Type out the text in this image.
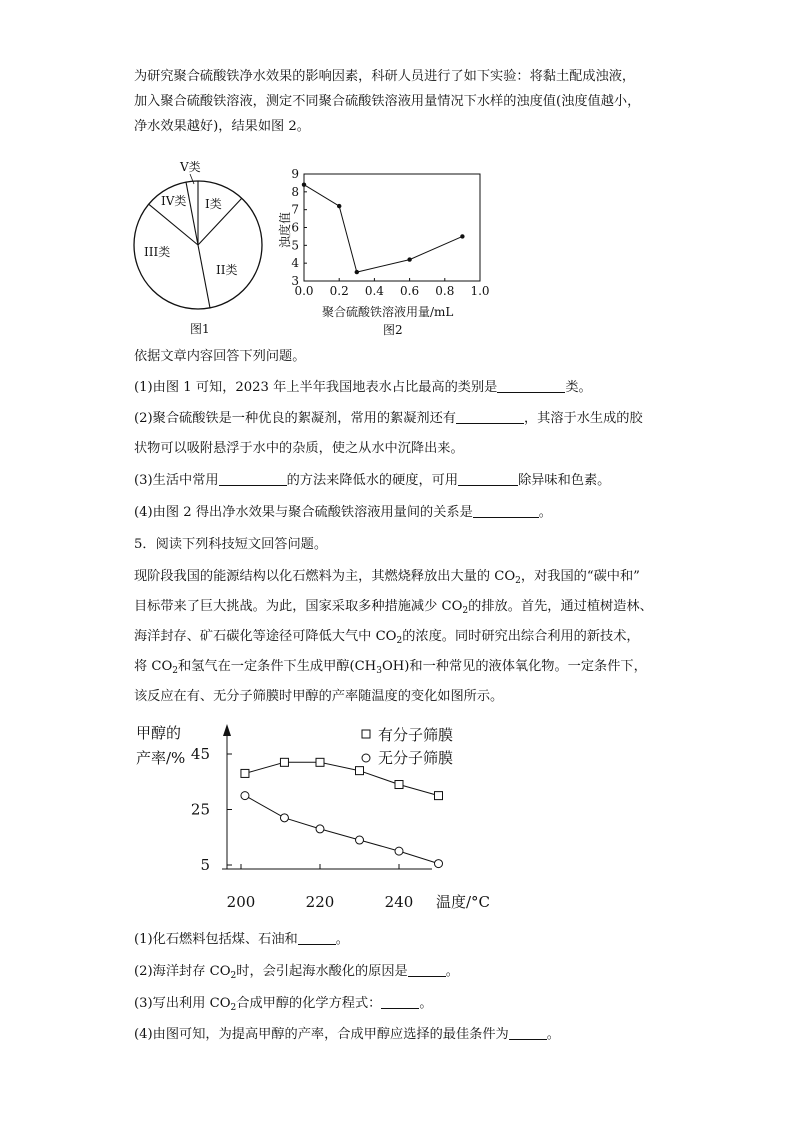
为研究聚合硫酸铁净水效果的影响因素，科研人员进行了如下实验：将黏土配成浊液，
加入聚合硫酸铁溶液，测定不同聚合硫酸铁溶液用量情况下水样的浊度值(浊度值越小，
净水效果越好)，结果如图 2。

V类
IV类 I类
III类
II类
图1
0.0 0.2 0.4 0.6 0.8 1.0
3
4
5
6
7
8
9
浊度值
聚合硫酸铁溶液用量/mL
图2

依据文章内容回答下列问题。

(1)由图 1 可知，2023 年上半年我国地表水占比最高的类别是	类。

(2)聚合硫酸铁是一种优良的絮凝剂，常用的絮凝剂还有	，其溶于水生成的胶

状物可以吸附悬浮于水中的杂质，使之从水中沉降出来。

(3)生活中常用	的方法来降低水的硬度，可用	除异味和色素。

(4)由图 2 得出净水效果与聚合硫酸铁溶液用量间的关系是	。

5．阅读下列科技短文回答问题。

现阶段我国的能源结构以化石燃料为主，其燃烧释放出大量的 $CO_2$，对我国的“碳中和”
目标带来了巨大挑战。为此，国家采取多种措施减少 $CO_2$的排放。首先，通过植树造林、
海洋封存、矿石碳化等途径可降低大气中 $CO_2$的浓度。同时研究出综合利用的新技术，
将 $CO_2$和氢气在一定条件下生成甲醇$(CH_3OH)$和一种常见的液体氧化物。一定条件下，
该反应在有、无分子筛膜时甲醇的产率随温度的变化如图所示。

甲醇的
产率/%
200	220	240
5
25
45
有分子筛膜
无分子筛膜
温度/°C

(1)化石燃料包括煤、石油和	。

(2)海洋封存 $CO_2$时，会引起海水酸化的原因是	。

(3)写出利用 $CO_2$合成甲醇的化学方程式：	。

(4)由图可知，为提高甲醇的产率，合成甲醇应选择的最佳条件为	。
